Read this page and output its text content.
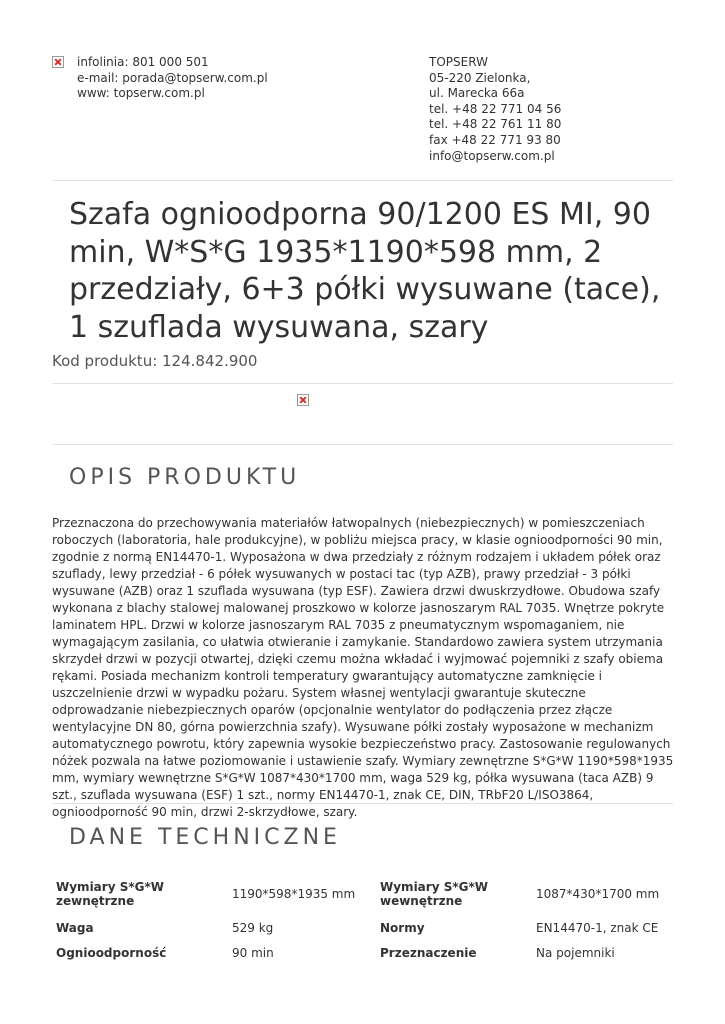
infolinia: 801 000 501
e-mail: porada@topserw.com.pl
www: topserw.com.pl
TOPSERW
05-220 Zielonka,
ul. Marecka 66a
tel. +48 22 771 04 56
tel. +48 22 761 11 80
fax +48 22 771 93 80
info@topserw.com.pl
Szafa ognioodporna 90/1200 ES MI, 90 min, W*S*G 1935*1190*598 mm, 2 przedziały, 6+3 półki wysuwane (tace), 1 szuflada wysuwana, szary
Kod produktu: 124.842.900
OPIS PRODUKTU
Przeznaczona do przechowywania materiałów łatwopalnych (niebezpiecznych) w pomieszczeniach roboczych (laboratoria, hale produkcyjne), w pobliżu miejsca pracy, w klasie ognioodporności 90 min, zgodnie z normą EN14470-1. Wyposażona w dwa przedziały z różnym rodzajem i układem półek oraz szuflady, lewy przedział - 6 półek wysuwanych w postaci tac (typ AZB), prawy przedział - 3 półki wysuwane (AZB) oraz 1 szuflada wysuwana (typ ESF). Zawiera drzwi dwuskrzydłowe. Obudowa szafy wykonana z blachy stalowej malowanej proszkowo w kolorze jasnoszarym RAL 7035. Wnętrze pokryte laminatem HPL. Drzwi w kolorze jasnoszarym RAL 7035 z pneumatycznym wspomaganiem, nie wymagającym zasilania, co ułatwia otwieranie i zamykanie. Standardowo zawiera system utrzymania skrzydeł drzwi w pozycji otwartej, dzięki czemu można wkładać i wyjmować pojemniki z szafy obiema rękami. Posiada mechanizm kontroli temperatury gwarantujący automatyczne zamknięcie i uszczelnienie drzwi w wypadku pożaru. System własnej wentylacji gwarantuje skuteczne odprowadzanie niebezpiecznych oparów (opcjonalnie wentylator do podłączenia przez złącze wentylacyjne DN 80, górna powierzchnia szafy). Wysuwane półki zostały wyposażone w mechanizm automatycznego powrotu, który zapewnia wysokie bezpieczeństwo pracy. Zastosowanie regulowanych nóżek pozwala na łatwe poziomowanie i ustawienie szafy. Wymiary zewnętrzne S*G*W 1190*598*1935 mm, wymiary wewnętrzne S*G*W 1087*430*1700 mm, waga 529 kg, półka wysuwana (taca AZB) 9 szt., szuflada wysuwana (ESF) 1 szt., normy EN14470-1, znak CE, DIN, TRbF20 L/ISO3864, ognioodporność 90 min, drzwi 2-skrzydłowe, szary.
DANE TECHNICZNE
Wymiary S*G*W zewnętrzne	1190*598*1935 mm	Wymiary S*G*W wewnętrzne	1087*430*1700 mm
Waga	529 kg	Normy	EN14470-1, znak CE
Ognioodporność	90 min	Przeznaczenie	Na pojemniki
